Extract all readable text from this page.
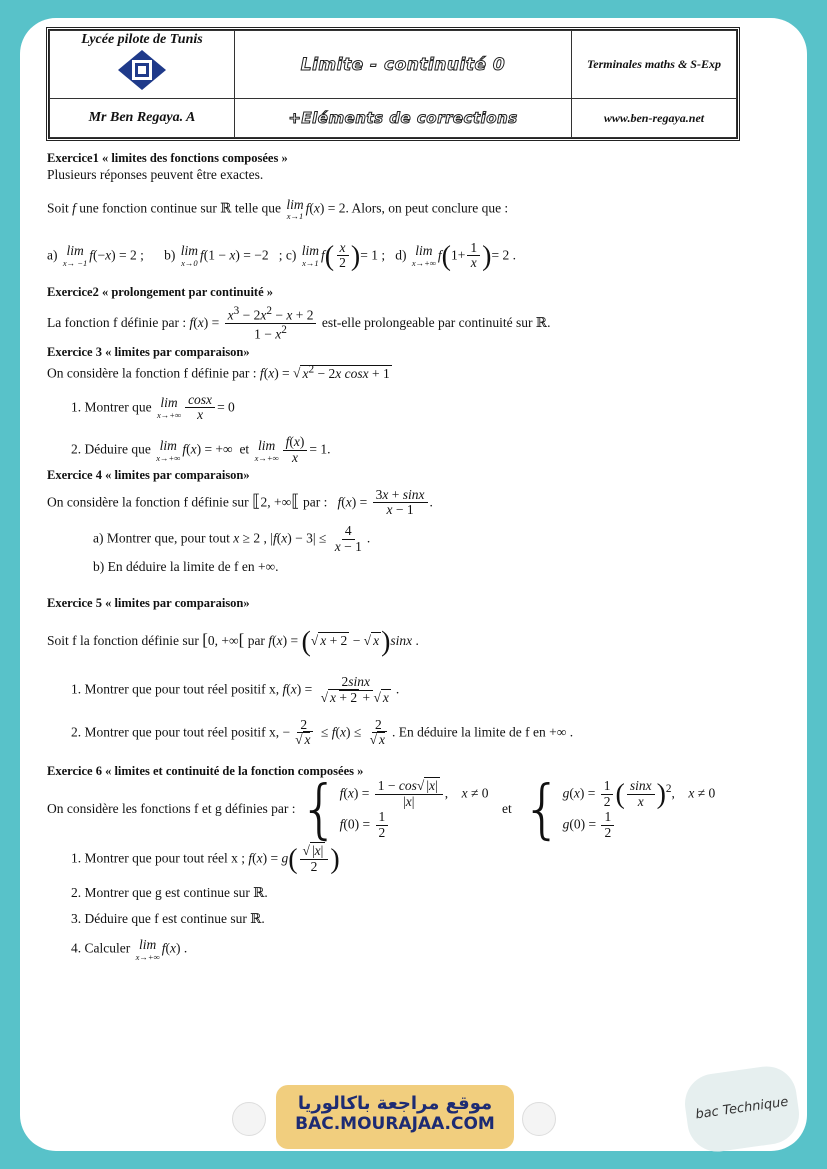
Lycée pilote de Tunis	Limite - continuité 0	Terminales maths & S-Exp
Mr Ben Regaya. A	+Eléments de corrections	www.ben-regaya.net

Exercice1 « limites des fonctions composées »

Plusieurs réponses peuvent être exactes.

Soit f une fonction continue sur ℝ telle que lim
x→1
f(x) = 2. Alors, on peut conclure que :

a) lim
x→ −1
f(−x) = 2 ;      b) lim
x→0
f(1 − x) = −2   ; c) lim
x→1
$f( \frac{x}{2}$ )= 1 ;   d) lim
x→+∞
$f(1+ \frac{1}{x}$ )= 2 .

Exercice2 « prolongement par continuité »

La fonction f définie par : $f(x) = \frac{x^3 - 2x^2 - x + 2}{1 - x^2}$ est-elle prolongeable par continuité sur ℝ.

Exercice 3 « limites par comparaison»

On considère la fonction f définie par : f(x) = √ $x^2 - 2x$ cosx + 1

1. Montrer que lim
$x\to+\infty \frac{\cos x}{x} = 0$

2. Déduire que lim
x→+∞
f(x) = +∞  et lim
$x\to+\infty \frac{f(x)}{x} = 1$.

Exercice 4 « limites par comparaison»

On considère la fonction f définie sur ⟦2, +∞⟦ par : $f(x) = \frac{3x + \sin x}{x - 1}$ .

a) Montrer que, pour tout x ≥ 2 , $|f(x) - 3| \le \frac{4}{x - 1}$ .

b) En déduire la limite de f en +∞.

Exercice 5 « limites par comparaison»

Soit f la fonction définie sur [0, +∞[ par f(x) = (√ x + 2 − √ x)sinx .

1. Montrer que pour tout réel positif x, $f(x) = \frac{2\sin x}{√ x + 2 + √ x}$ .

2. Montrer que pour tout réel positif x, − $\frac{2}{√ x} \le f(x) \le \frac{2}{√ x}$ . En déduire la limite de f en +∞ .

Exercice 6 « limites et continuité de la fonction composées »

On considère les fonctions f et g définies par : { $f(x) = \frac{1 - \cos√ |x|}{|x|}$ ,    x ≠ 0
$f(0) = \frac{1}{2}$
et { $g(x) = \frac{1}{2}$ ( $\frac{\sin x}{x} )^2$,    x ≠ 0
$g(0) = \frac{1}{2}$

1. Montrer que pour tout réel x ; $f(x) = g( \frac{√ |x|}{2}$ )

2. Montrer que g est continue sur ℝ.

3. Déduire que f est continue sur ℝ.

4. Calculer lim
x→+∞
f(x) .

موقع مراجعة باكالوريا
BAC.MOURAJAA.COM
bac Technique
